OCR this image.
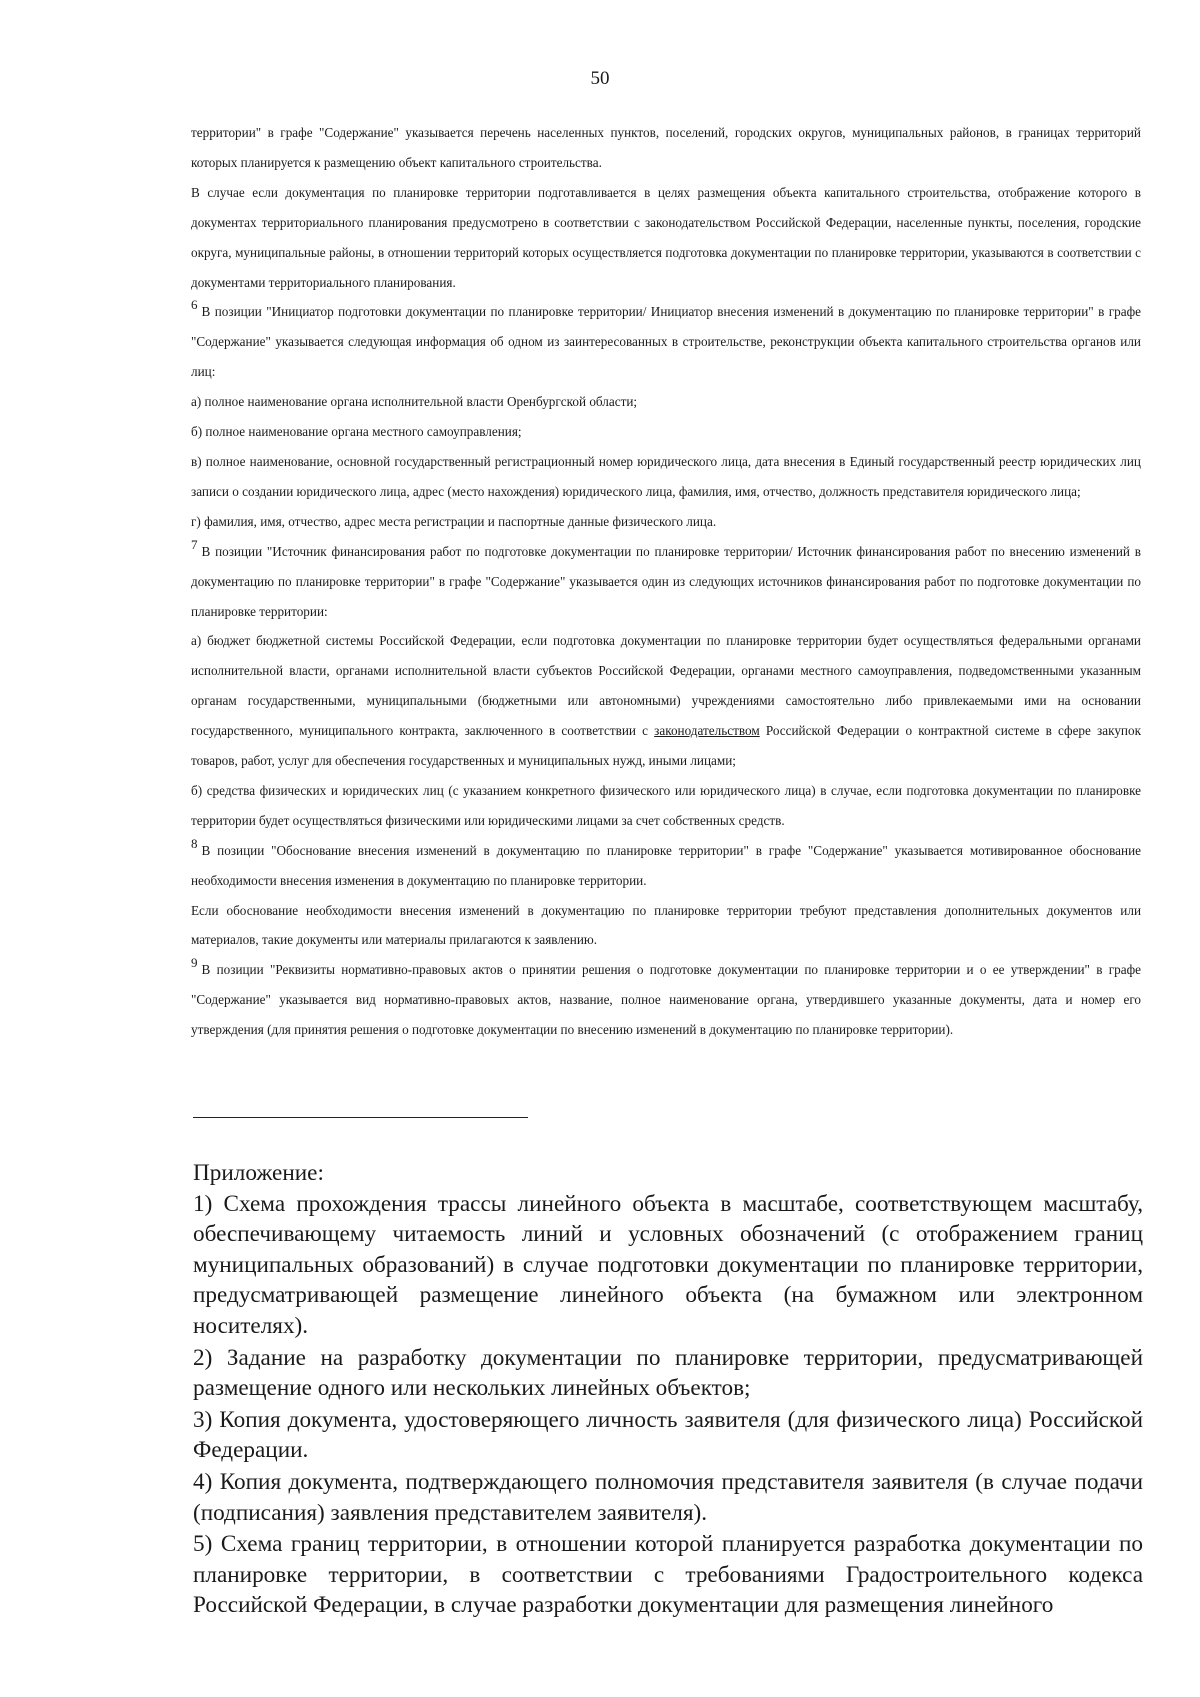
50

территории" в графе "Содержание" указывается перечень населенных пунктов, поселений, городских округов, муниципальных районов, в границах территорий которых планируется к размещению объект капитального строительства.

В случае если документация по планировке территории подготавливается в целях размещения объекта капитального строительства, отображение которого в документах территориального планирования предусмотрено в соответствии с законодательством Российской Федерации, населенные пункты, поселения, городские округа, муниципальные районы, в отношении территорий которых осуществляется подготовка документации по планировке территории, указываются в соответствии с документами территориального планирования.

6 В позиции "Инициатор подготовки документации по планировке территории/ Инициатор внесения изменений в документацию по планировке территории" в графе "Содержание" указывается следующая информация об одном из заинтересованных в строительстве, реконструкции объекта капитального строительства органов или лиц:

а) полное наименование органа исполнительной власти Оренбургской области;

б) полное наименование органа местного самоуправления;

в) полное наименование, основной государственный регистрационный номер юридического лица, дата внесения в Единый государственный реестр юридических лиц записи о создании юридического лица, адрес (место нахождения) юридического лица, фамилия, имя, отчество, должность представителя юридического лица;

г) фамилия, имя, отчество, адрес места регистрации и паспортные данные физического лица.

7 В позиции "Источник финансирования работ по подготовке документации по планировке территории/ Источник финансирования работ по внесению изменений в документацию по планировке территории" в графе "Содержание" указывается один из следующих источников финансирования работ по подготовке документации по планировке территории:

а) бюджет бюджетной системы Российской Федерации, если подготовка документации по планировке территории будет осуществляться федеральными органами исполнительной власти, органами исполнительной власти субъектов Российской Федерации, органами местного самоуправления, подведомственными указанным органам государственными, муниципальными (бюджетными или автономными) учреждениями самостоятельно либо привлекаемыми ими на основании государственного, муниципального контракта, заключенного в соответствии с законодательством Российской Федерации о контрактной системе в сфере закупок товаров, работ, услуг для обеспечения государственных и муниципальных нужд, иными лицами;

б) средства физических и юридических лиц (с указанием конкретного физического или юридического лица) в случае, если подготовка документации по планировке территории будет осуществляться физическими или юридическими лицами за счет собственных средств.

8 В позиции "Обоснование внесения изменений в документацию по планировке территории" в графе "Содержание" указывается мотивированное обоснование необходимости внесения изменения в документацию по планировке территории.

Если обоснование необходимости внесения изменений в документацию по планировке территории требуют представления дополнительных документов или материалов, такие документы или материалы прилагаются к заявлению.

9 В позиции "Реквизиты нормативно-правовых актов о принятии решения о подготовке документации по планировке территории и о ее утверждении" в графе "Содержание" указывается вид нормативно-правовых актов, название, полное наименование органа, утвердившего указанные документы, дата и номер его утверждения (для принятия решения о подготовке документации по внесению изменений в документацию по планировке территории).

Приложение:

1) Схема прохождения трассы линейного объекта в масштабе, соответствующем масштабу, обеспечивающему читаемость линий и условных обозначений (с отображением границ муниципальных образований) в случае подготовки документации по планировке территории, предусматривающей размещение линейного объекта (на бумажном или электронном носителях).

2) Задание на разработку документации по планировке территории, предусматривающей размещение одного или нескольких линейных объектов;

3) Копия документа, удостоверяющего личность заявителя (для физического лица) Российской Федерации.

4) Копия документа, подтверждающего полномочия представителя заявителя (в случае подачи (подписания) заявления представителем заявителя).

5) Схема границ территории, в отношении которой планируется разработка документации по планировке территории, в соответствии с требованиями Градостроительного кодекса Российской Федерации, в случае разработки документации для размещения линейного
